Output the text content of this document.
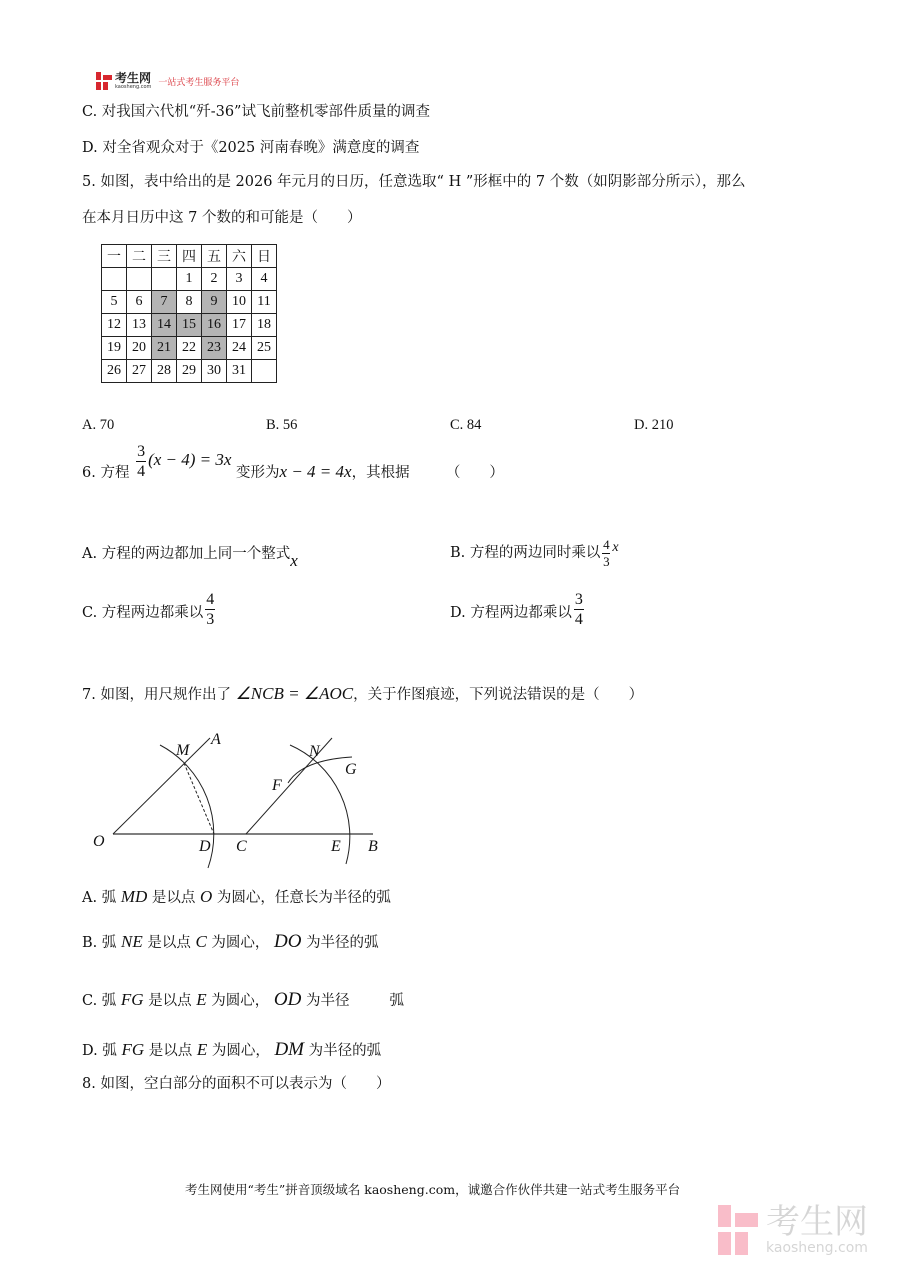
考生网
kaosheng.com 一站式考生服务平台
C. 对我国六代机“歼-36”试飞前整机零部件质量的调查
D. 对全省观众对于《2025 河南春晚》满意度的调查
5. 如图，表中给出的是 2026 年元月的日历，任意选取“ H ”形框中的 7 个数（如阴影部分所示），那么
在本月日历中这 7 个数的和可能是（　　）
一	二	三	四	五	六	日
			1	2	3	4
5	6	7	8	9	10	11
12	13	14	15	16	17	18
19	20	21	22	23	24	25
26	27	28	29	30	31	
A. 70	B. 56	C. 84	D. 210
6. 方程 $\frac{3}{4} (x - 4) = 3x$ 变形为x − 4 = 4x，其根据　　　（　　）
A. 方程的两边都加上同一个整式x	B. 方程的两边同时乘以 $\frac{4}{3}$ x
C. 方程两边都乘以 $\frac{4}{3}$	D. 方程两边都乘以 $\frac{3}{4}$
7. 如图，用尺规作出了 ∠NCB = ∠AOC，关于作图痕迹，下列说法错误的是（　　）
O
M
A
D C
N
F
G
E B
A. 弧 MD 是以点 O 为圆心，任意长为半径的弧
B. 弧 NE 是以点 C 为圆心， DO 为半径的弧
C. 弧 FG 是以点 E 为圆心， OD 为半径	弧
D. 弧 FG 是以点 E 为圆心， DM 为半径的弧
8. 如图，空白部分的面积不可以表示为（　　）
考生网使用“考生”拼音顶级域名 kaosheng.com，诚邀合作伙伴共建一站式考生服务平台
考生网
kaosheng.com
